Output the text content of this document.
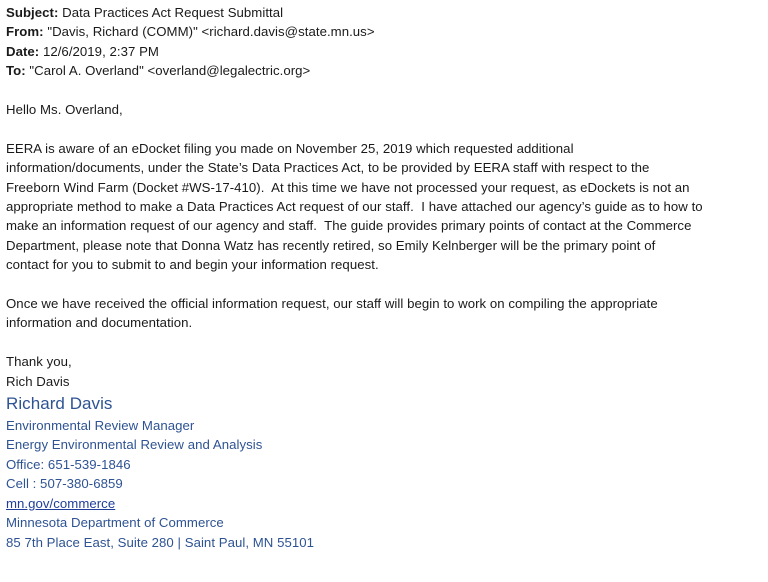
Subject: Data Practices Act Request Submittal
From: "Davis, Richard (COMM)" <richard.davis@state.mn.us>
Date: 12/6/2019, 2:37 PM
To: "Carol A. Overland" <overland@legalectric.org>
Hello Ms. Overland,
EERA is aware of an eDocket filing you made on November 25, 2019 which requested additional
information/documents, under the State’s Data Practices Act, to be provided by EERA staff with respect to the
Freeborn Wind Farm (Docket #WS-17-410).  At this time we have not processed your request, as eDockets is not an
appropriate method to make a Data Practices Act request of our staff.  I have attached our agency’s guide as to how to
make an information request of our agency and staff.  The guide provides primary points of contact at the Commerce
Department, please note that Donna Watz has recently retired, so Emily Kelnberger will be the primary point of
contact for you to submit to and begin your information request.
Once we have received the official information request, our staff will begin to work on compiling the appropriate
information and documentation.
Thank you,
Rich Davis
Richard Davis
Environmental Review Manager
Energy Environmental Review and Analysis
Office: 651-539-1846
Cell : 507-380-6859
mn.gov/commerce
Minnesota Department of Commerce
85 7th Place East, Suite 280 | Saint Paul, MN 55101
